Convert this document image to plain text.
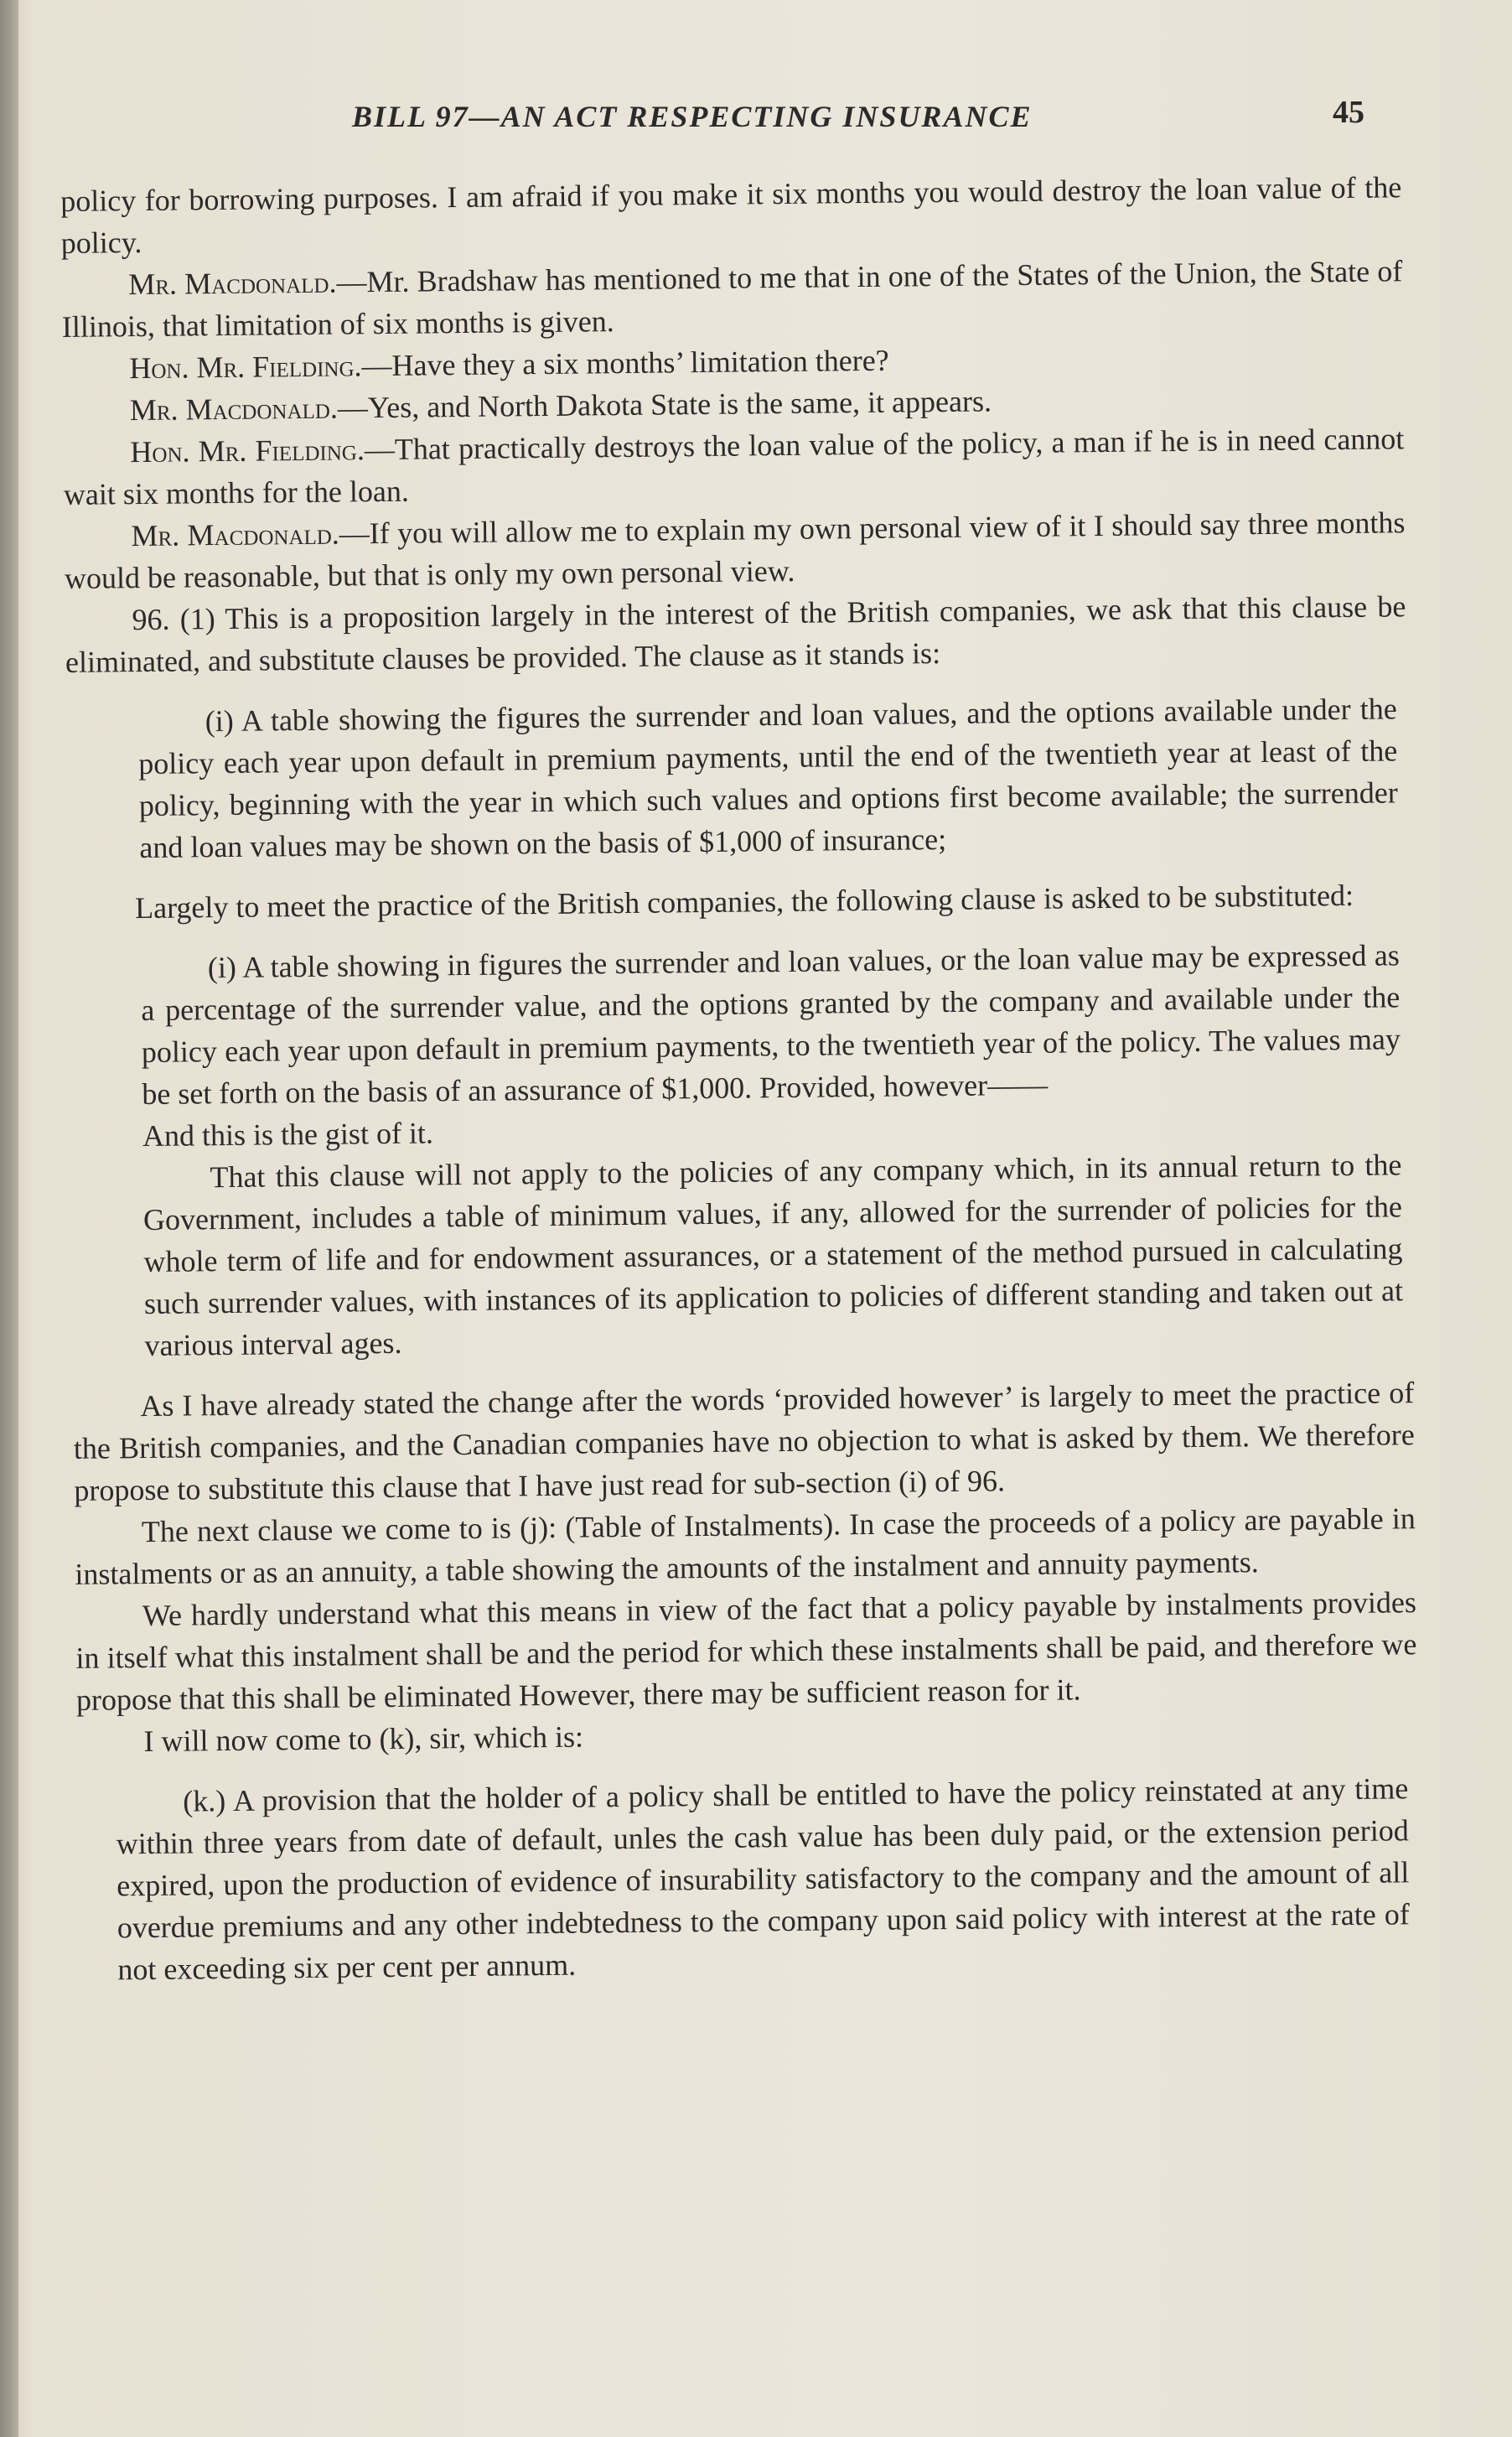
BILL 97—AN ACT RESPECTING INSURANCE	45

policy for borrowing purposes. I am afraid if you make it six months you would destroy the loan value of the policy.

Mr. Macdonald.—Mr. Bradshaw has mentioned to me that in one of the States of the Union, the State of Illinois, that limitation of six months is given.

Hon. Mr. Fielding.—Have they a six months’ limitation there?

Mr. Macdonald.—Yes, and North Dakota State is the same, it appears.

Hon. Mr. Fielding.—That practically destroys the loan value of the policy, a man if he is in need cannot wait six months for the loan.

Mr. Macdonald.—If you will allow me to explain my own personal view of it I should say three months would be reasonable, but that is only my own personal view.

96. (1) This is a proposition largely in the interest of the British companies, we ask that this clause be eliminated, and substitute clauses be provided. The clause as it stands is:

(i) A table showing the figures the surrender and loan values, and the options available under the policy each year upon default in premium payments, until the end of the twentieth year at least of the policy, beginning with the year in which such values and options first become available; the surrender and loan values may be shown on the basis of $1,000 of insurance;

Largely to meet the practice of the British companies, the following clause is asked to be substituted:

(i) A table showing in figures the surrender and loan values, or the loan value may be expressed as a percentage of the surrender value, and the options granted by the company and available under the policy each year upon default in premium payments, to the twentieth year of the policy. The values may be set forth on the basis of an assurance of $1,000. Provided, however——

And this is the gist of it.

That this clause will not apply to the policies of any company which, in its annual return to the Government, includes a table of minimum values, if any, allowed for the surrender of policies for the whole term of life and for endowment assurances, or a statement of the method pursued in calculating such surrender values, with instances of its application to policies of different standing and taken out at various interval ages.

As I have already stated the change after the words ‘provided however’ is largely to meet the practice of the British companies, and the Canadian companies have no objection to what is asked by them. We therefore propose to substitute this clause that I have just read for sub-section (i) of 96.

The next clause we come to is (j): (Table of Instalments). In case the proceeds of a policy are payable in instalments or as an annuity, a table showing the amounts of the instalment and annuity payments.

We hardly understand what this means in view of the fact that a policy payable by instalments provides in itself what this instalment shall be and the period for which these instalments shall be paid, and therefore we propose that this shall be eliminated However, there may be sufficient reason for it.

I will now come to (k), sir, which is:

(k.) A provision that the holder of a policy shall be entitled to have the policy reinstated at any time within three years from date of default, unles the cash value has been duly paid, or the extension period expired, upon the production of evidence of insurability satisfactory to the company and the amount of all overdue premiums and any other indebtedness to the company upon said policy with interest at the rate of not exceeding six per cent per annum.
